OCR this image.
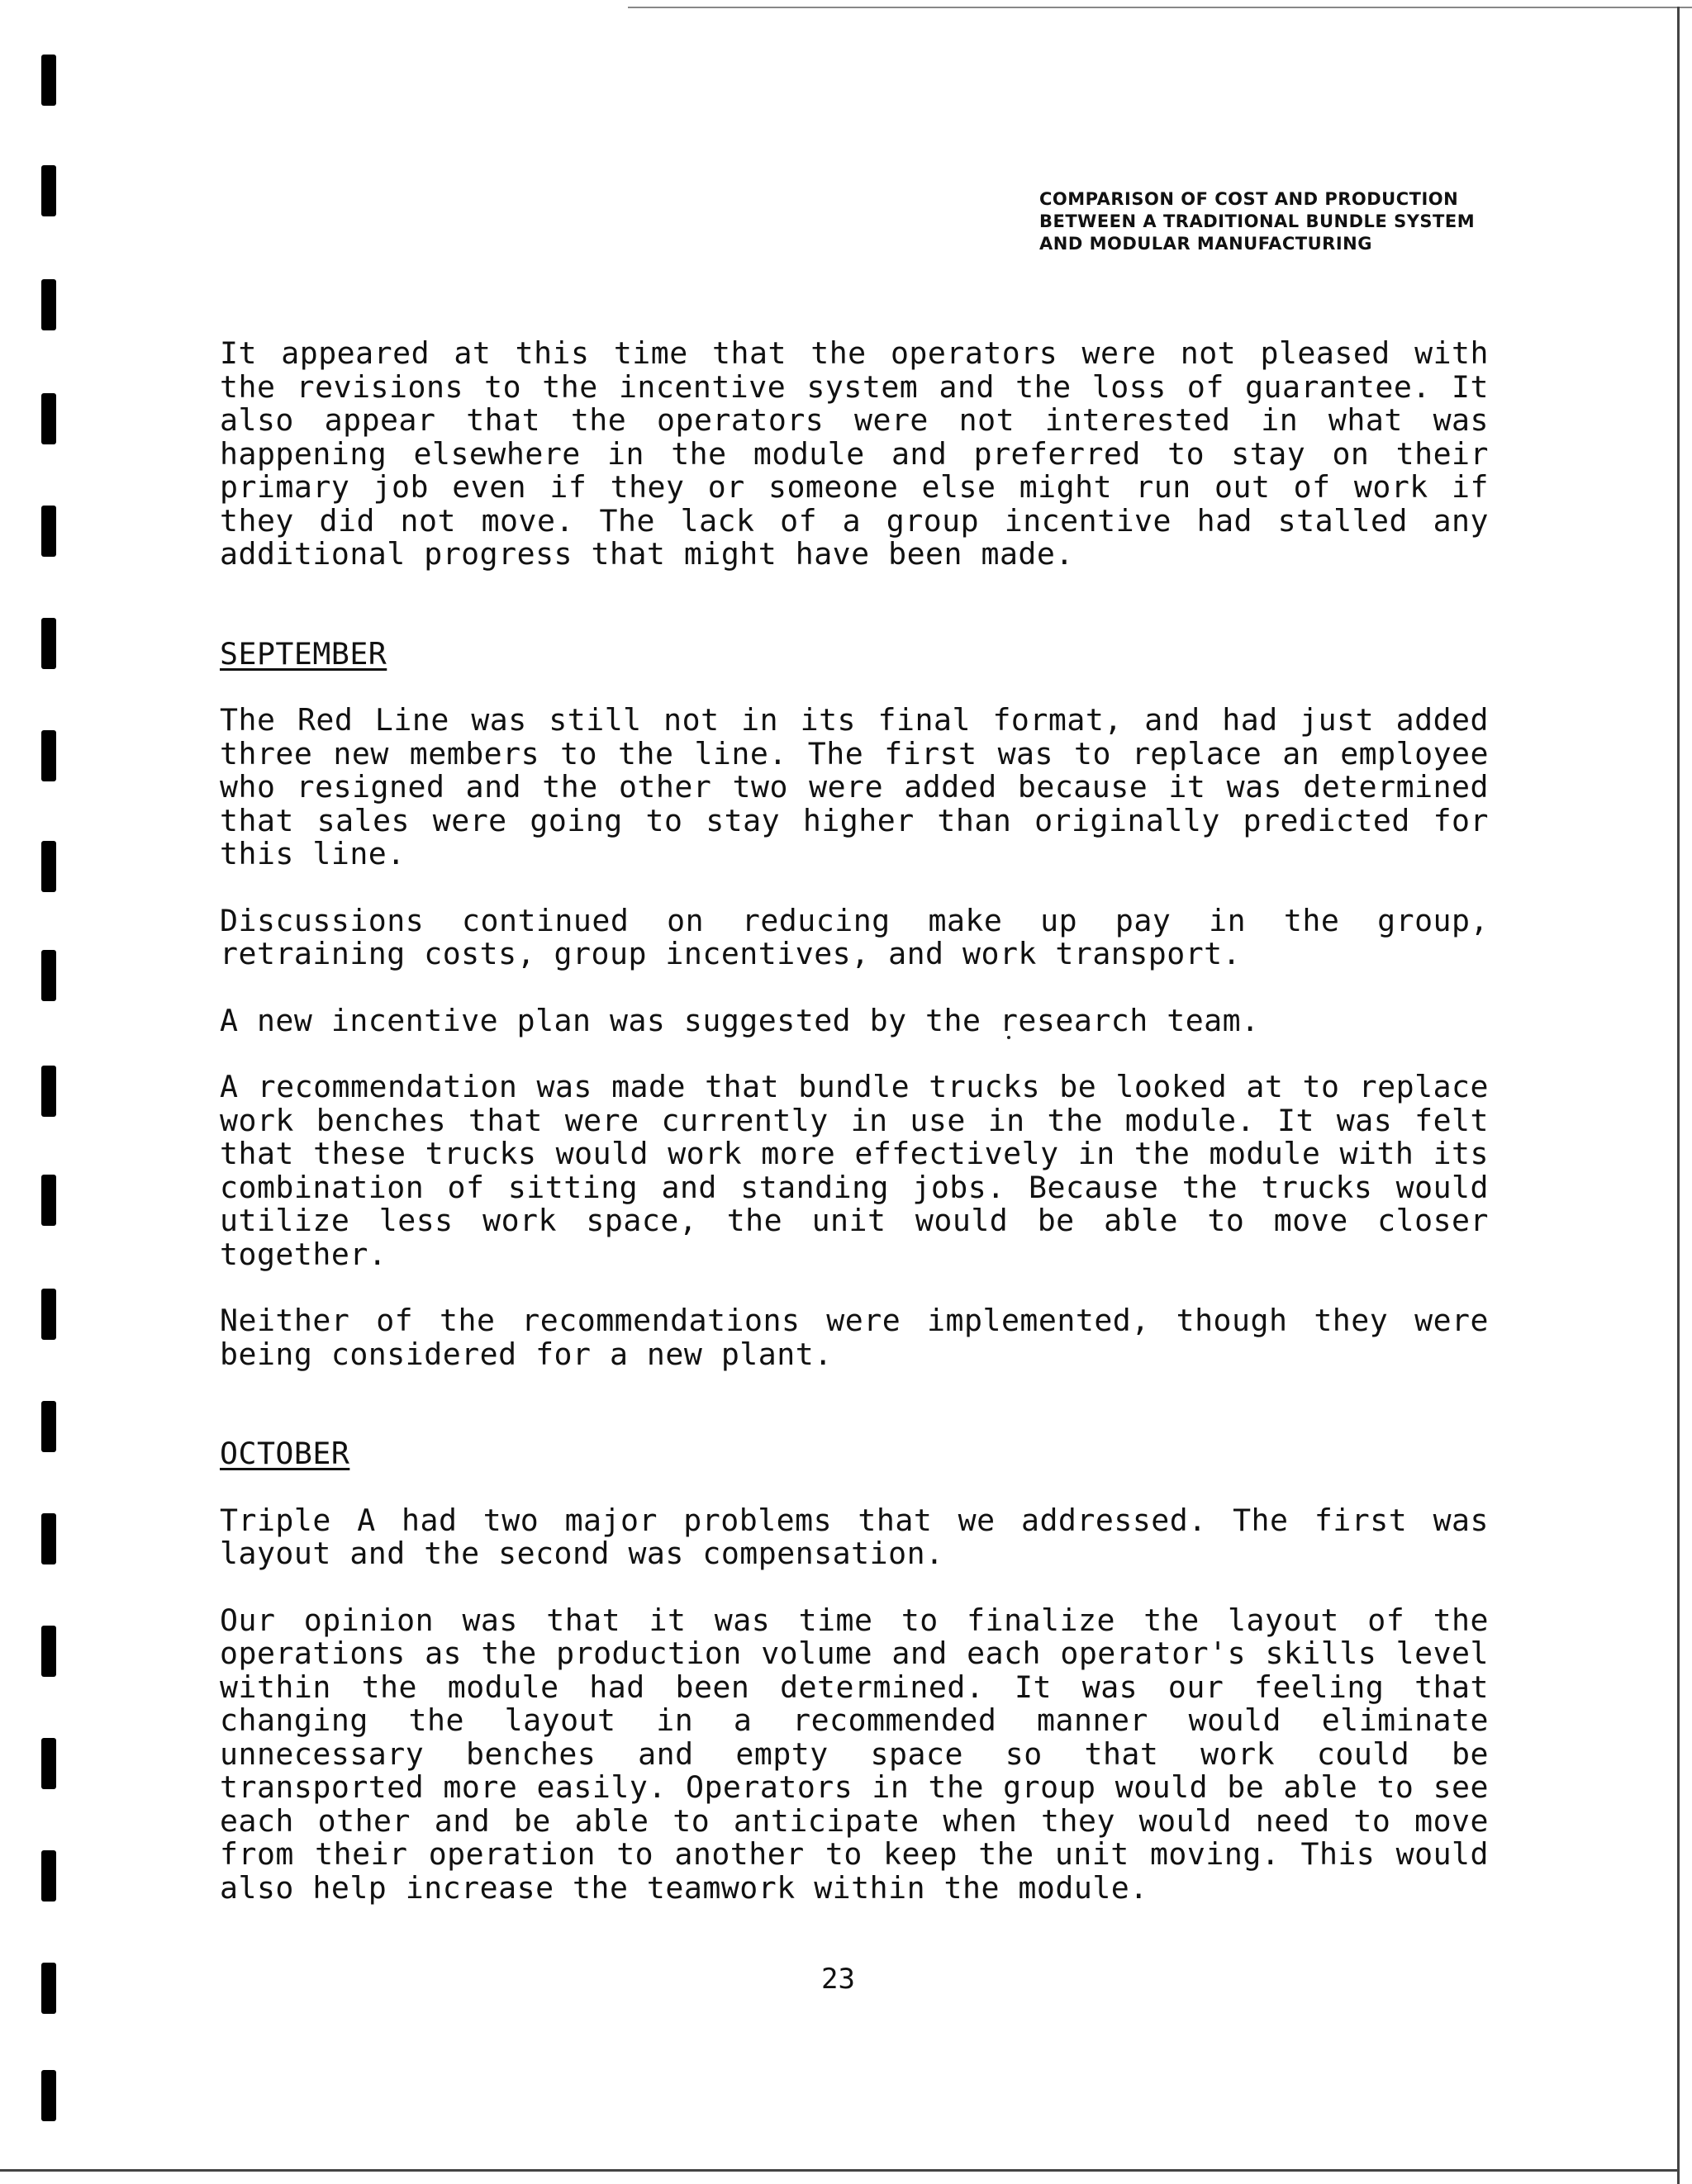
COMPARISON OF COST AND PRODUCTION
BETWEEN A TRADITIONAL BUNDLE SYSTEM
AND MODULAR MANUFACTURING

It appeared at this time that the operators were not pleased with the revisions to the incentive system and the loss of guarantee. It also appear that the operators were not interested in what was happening elsewhere in the module and preferred to stay on their primary job even if they or someone else might run out of work if they did not move. The lack of a group incentive had stalled any additional progress that might have been made.

SEPTEMBER

The Red Line was still not in its final format, and had just added three new members to the line. The first was to replace an employee who resigned and the other two were added because it was determined that sales were going to stay higher than originally predicted for this line.

Discussions continued on reducing make up pay in the group, retraining costs, group incentives, and work transport.

A new incentive plan was suggested by the research team.

A recommendation was made that bundle trucks be looked at to replace work benches that were currently in use in the module. It was felt that these trucks would work more effectively in the module with its combination of sitting and standing jobs. Because the trucks would utilize less work space, the unit would be able to move closer together.

Neither of the recommendations were implemented, though they were being considered for a new plant.

OCTOBER

Triple A had two major problems that we addressed. The first was layout and the second was compensation.

Our opinion was that it was time to finalize the layout of the operations as the production volume and each operator's skills level within the module had been determined. It was our feeling that changing the layout in a recommended manner would eliminate unnecessary benches and empty space so that work could be transported more easily. Operators in the group would be able to see each other and be able to anticipate when they would need to move from their operation to another to keep the unit moving. This would also help increase the teamwork within the module.

23
